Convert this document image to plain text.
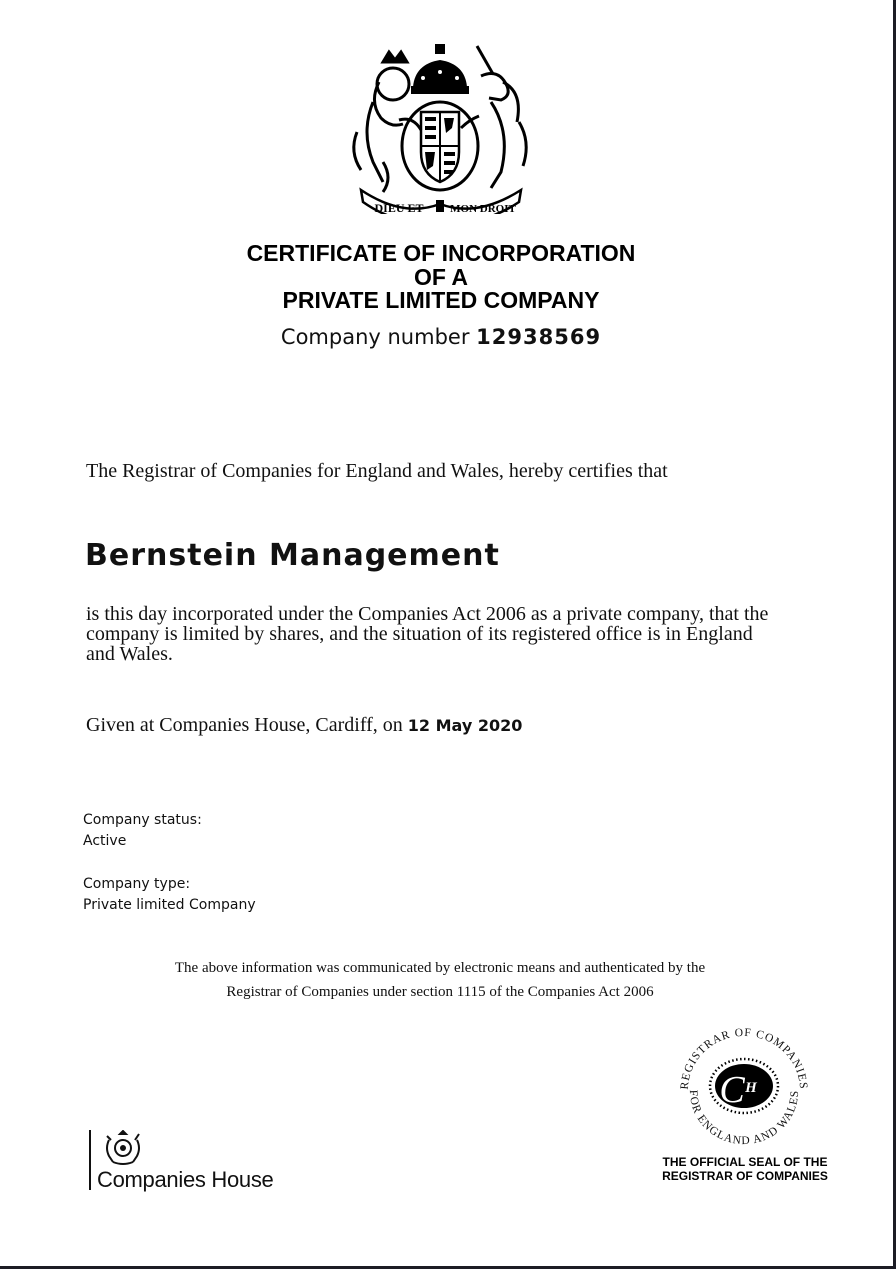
DIEU ET MON DROIT
CERTIFICATE OF INCORPORATION
OF A
PRIVATE LIMITED COMPANY
Company number 12938569
The Registrar of Companies for England and Wales, hereby certifies that
Bernstein Management
is this day incorporated under the Companies Act 2006 as a private company, that the
company is limited by shares, and the situation of its registered office is in England
and Wales.
Given at Companies House, Cardiff, on 12 May 2020
Company status:
Active
Company type:
Private limited Company
The above information was communicated by electronic means and authenticated by the
Registrar of Companies under section 1115 of the Companies Act 2006
REGISTRAR OF COMPANIES
FOR ENGLAND AND WALES
C H
THE OFFICIAL SEAL OF THE
REGISTRAR OF COMPANIES
Companies House
